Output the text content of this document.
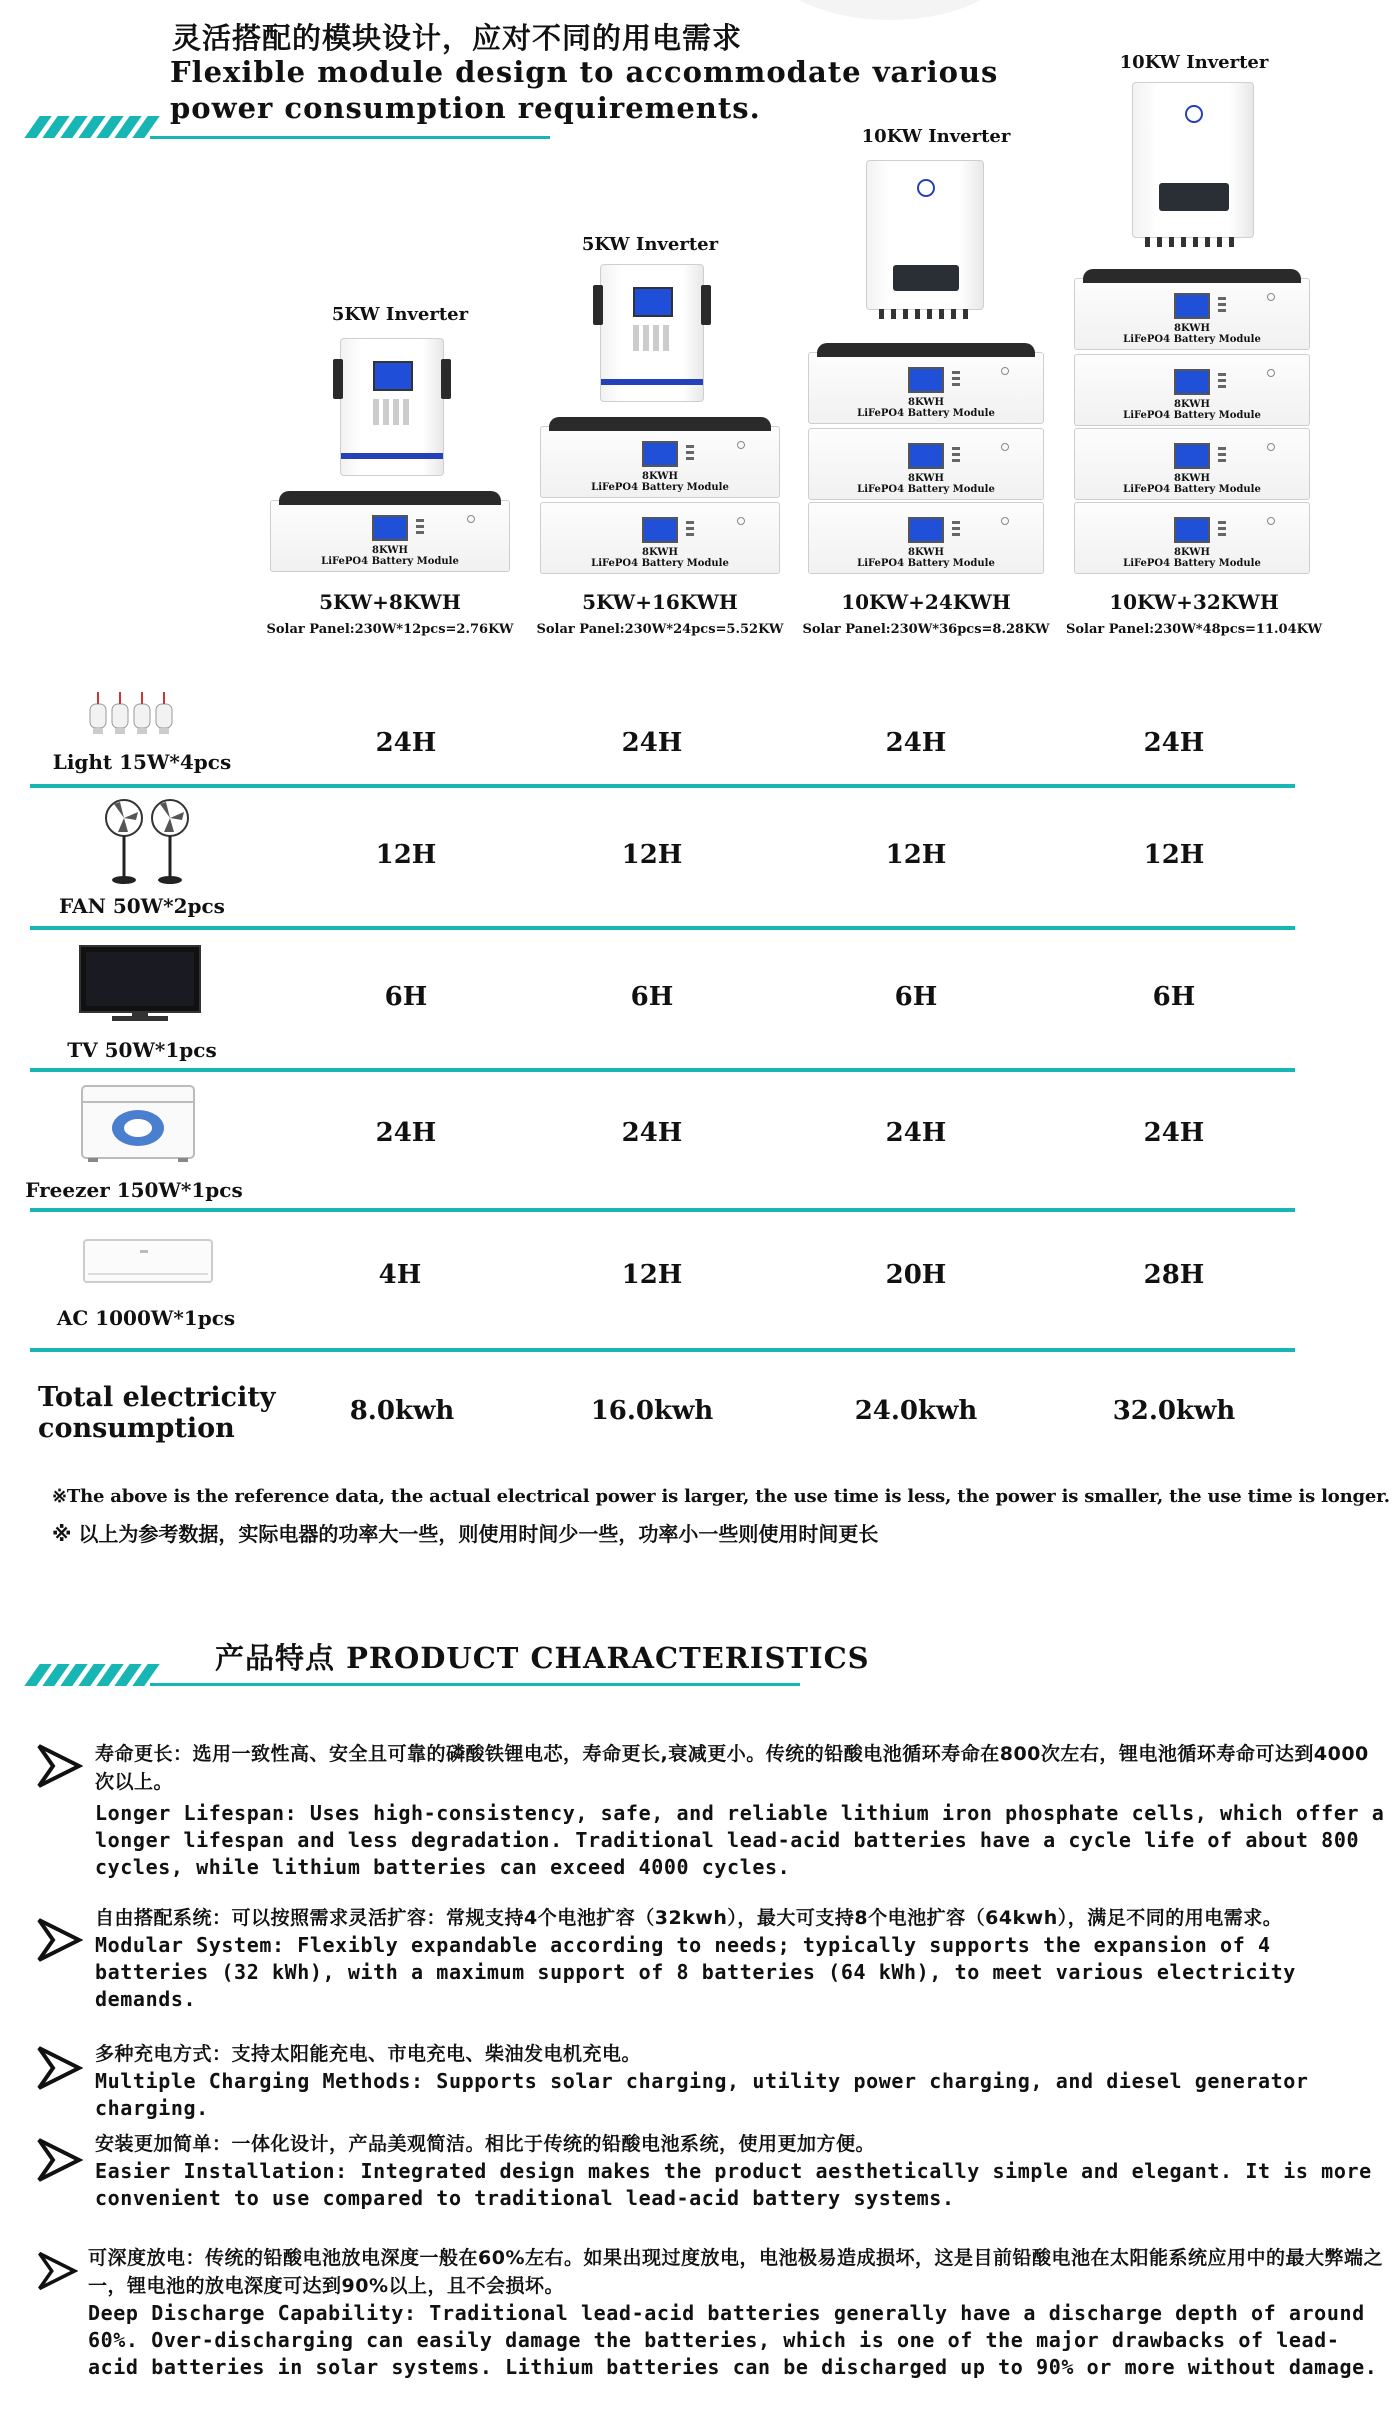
灵活搭配的模块设计，应对不同的用电需求
Flexible module design to accommodate various power consumption requirements.
5KW Inverter
8KWH
LiFePO4 Battery Module
5KW+8KWH
Solar Panel:230W*12pcs=2.76KW
5KW Inverter
8KWH
LiFePO4 Battery Module
8KWH
LiFePO4 Battery Module
5KW+16KWH
Solar Panel:230W*24pcs=5.52KW
10KW Inverter
8KWH
LiFePO4 Battery Module
8KWH
LiFePO4 Battery Module
8KWH
LiFePO4 Battery Module
10KW+24KWH
Solar Panel:230W*36pcs=8.28KW
10KW Inverter
8KWH
LiFePO4 Battery Module
8KWH
LiFePO4 Battery Module
8KWH
LiFePO4 Battery Module
8KWH
LiFePO4 Battery Module
10KW+32KWH
Solar Panel:230W*48pcs=11.04KW
Light 15W*4pcs
24H	24H	24H	24H
FAN 50W*2pcs
12H	12H	12H	12H
TV 50W*1pcs
6H	6H	6H	6H
Freezer 150W*1pcs
24H	24H	24H	24H
AC 1000W*1pcs
4H	12H	20H	28H
Total electricity consumption
8.0kwh	16.0kwh	24.0kwh	32.0kwh
※The above is the reference data, the actual electrical power is larger, the use time is less, the power is smaller, the use time is longer.
※ 以上为参考数据，实际电器的功率大一些，则使用时间少一些，功率小一些则使用时间更长
产品特点 PRODUCT CHARACTERISTICS
寿命更长：选用一致性高、安全且可靠的磷酸铁锂电芯，寿命更长,衰减更小。传统的铅酸电池循环寿命在800次左右，锂电池循环寿命可达到4000次以上。
Longer Lifespan: Uses high-consistency, safe, and reliable lithium iron phosphate cells, which offer a longer lifespan and less degradation. Traditional lead-acid batteries have a cycle life of about 800 cycles, while lithium batteries can exceed 4000 cycles.
自由搭配系统：可以按照需求灵活扩容：常规支持4个电池扩容（32kwh），最大可支持8个电池扩容（64kwh），满足不同的用电需求。
Modular System: Flexibly expandable according to needs; typically supports the expansion of 4 batteries (32 kWh), with a maximum support of 8 batteries (64 kWh), to meet various electricity demands.
多种充电方式：支持太阳能充电、市电充电、柴油发电机充电。
Multiple Charging Methods: Supports solar charging, utility power charging, and diesel generator charging.
安装更加简单：一体化设计，产品美观简洁。相比于传统的铅酸电池系统，使用更加方便。
Easier Installation: Integrated design makes the product aesthetically simple and elegant. It is more convenient to use compared to traditional lead-acid battery systems.
可深度放电：传统的铅酸电池放电深度一般在60%左右。如果出现过度放电，电池极易造成损坏，这是目前铅酸电池在太阳能系统应用中的最大弊端之一，锂电池的放电深度可达到90%以上，且不会损坏。
Deep Discharge Capability: Traditional lead-acid batteries generally have a discharge depth of around 60%. Over-discharging can easily damage the batteries, which is one of the major drawbacks of lead-acid batteries in solar systems. Lithium batteries can be discharged up to 90% or more without damage.
